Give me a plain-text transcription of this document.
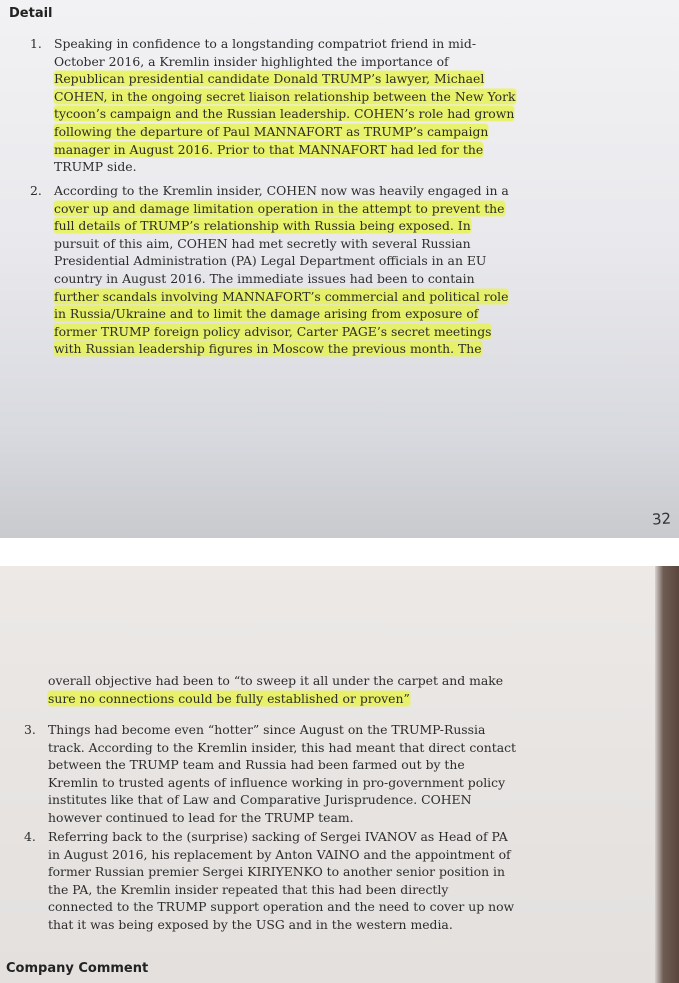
Detail
1. Speaking in confidence to a longstanding compatriot friend in mid-
October 2016, a Kremlin insider highlighted the importance of
Republican presidential candidate Donald TRUMP’s lawyer, Michael
COHEN, in the ongoing secret liaison relationship between the New York
tycoon’s campaign and the Russian leadership. COHEN’s role had grown
following the departure of Paul MANNAFORT as TRUMP’s campaign
manager in August 2016. Prior to that MANNAFORT had led for the
TRUMP side.
2. According to the Kremlin insider, COHEN now was heavily engaged in a
cover up and damage limitation operation in the attempt to prevent the
full details of TRUMP’s relationship with Russia being exposed. In
pursuit of this aim, COHEN had met secretly with several Russian
Presidential Administration (PA) Legal Department officials in an EU
country in August 2016. The immediate issues had been to contain
further scandals involving MANNAFORT’s commercial and political role
in Russia/Ukraine and to limit the damage arising from exposure of
former TRUMP foreign policy advisor, Carter PAGE’s secret meetings
with Russian leadership figures in Moscow the previous month. The
32
overall objective had been to “to sweep it all under the carpet and make
sure no connections could be fully established or proven”
3. Things had become even “hotter” since August on the TRUMP-Russia
track. According to the Kremlin insider, this had meant that direct contact
between the TRUMP team and Russia had been farmed out by the
Kremlin to trusted agents of influence working in pro-government policy
institutes like that of Law and Comparative Jurisprudence. COHEN
however continued to lead for the TRUMP team.
4. Referring back to the (surprise) sacking of Sergei IVANOV as Head of PA
in August 2016, his replacement by Anton VAINO and the appointment of
former Russian premier Sergei KIRIYENKO to another senior position in
the PA, the Kremlin insider repeated that this had been directly
connected to the TRUMP support operation and the need to cover up now
that it was being exposed by the USG and in the western media.
Company Comment
